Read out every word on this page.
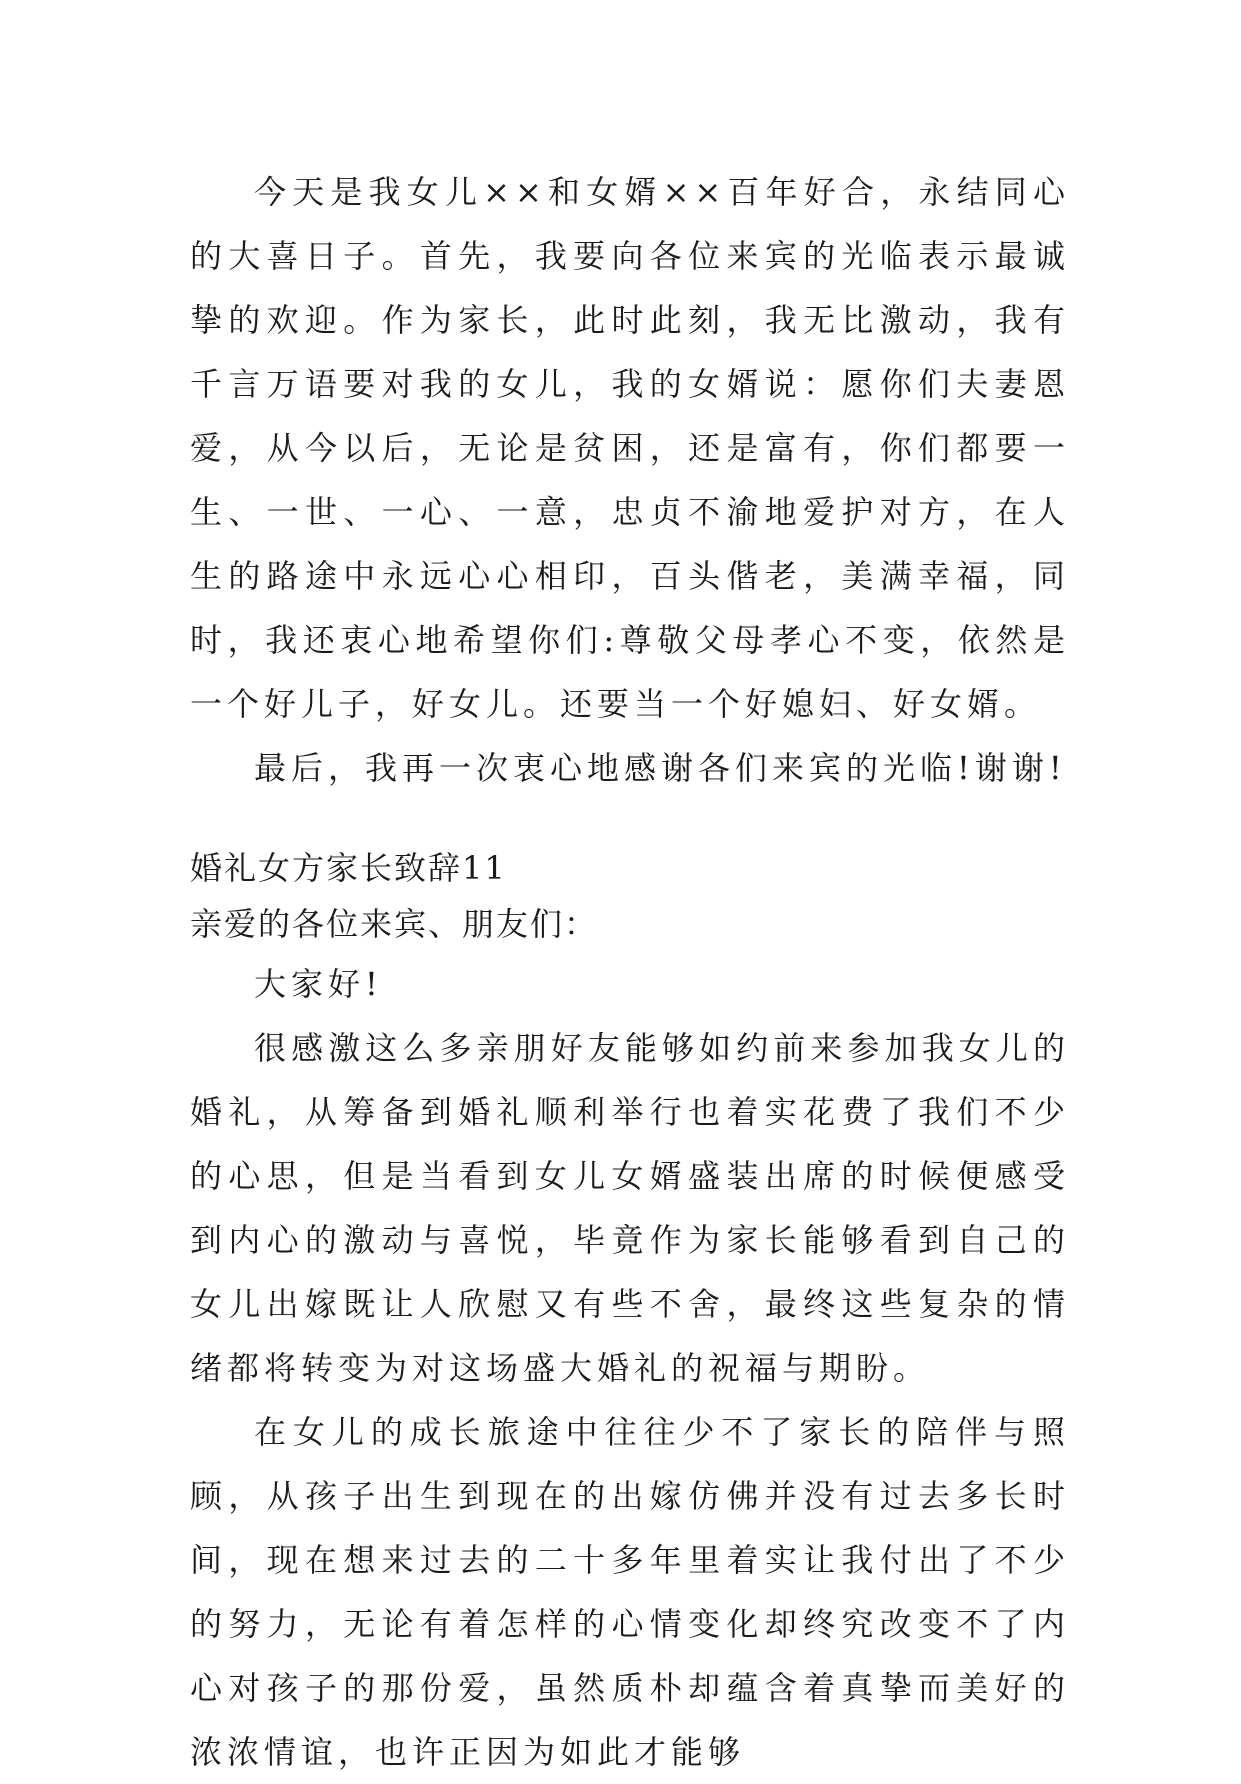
今天是我女儿××和女婿××百年好合，永结同心的大喜日子。首先，我要向各位来宾的光临表示最诚挚的欢迎。作为家长，此时此刻，我无比激动，我有千言万语要对我的女儿，我的女婿说：愿你们夫妻恩爱，从今以后，无论是贫困，还是富有，你们都要一生、一世、一心、一意，忠贞不渝地爱护对方，在人生的路途中永远心心相印，百头偕老，美满幸福，同时，我还衷心地希望你们:尊敬父母孝心不变，依然是一个好儿子，好女儿。还要当一个好媳妇、好女婿。

最后，我再一次衷心地感谢各们来宾的光临!谢谢!

婚礼女方家长致辞11

亲爱的各位来宾、朋友们：

大家好!

很感激这么多亲朋好友能够如约前来参加我女儿的婚礼，从筹备到婚礼顺利举行也着实花费了我们不少的心思，但是当看到女儿女婿盛装出席的时候便感受到内心的激动与喜悦，毕竟作为家长能够看到自己的女儿出嫁既让人欣慰又有些不舍，最终这些复杂的情绪都将转变为对这场盛大婚礼的祝福与期盼。

在女儿的成长旅途中往往少不了家长的陪伴与照顾，从孩子出生到现在的出嫁仿佛并没有过去多长时间，现在想来过去的二十多年里着实让我付出了不少的努力，无论有着怎样的心情变化却终究改变不了内心对孩子的那份爱，虽然质朴却蕴含着真挚而美好的浓浓情谊，也许正因为如此才能够
